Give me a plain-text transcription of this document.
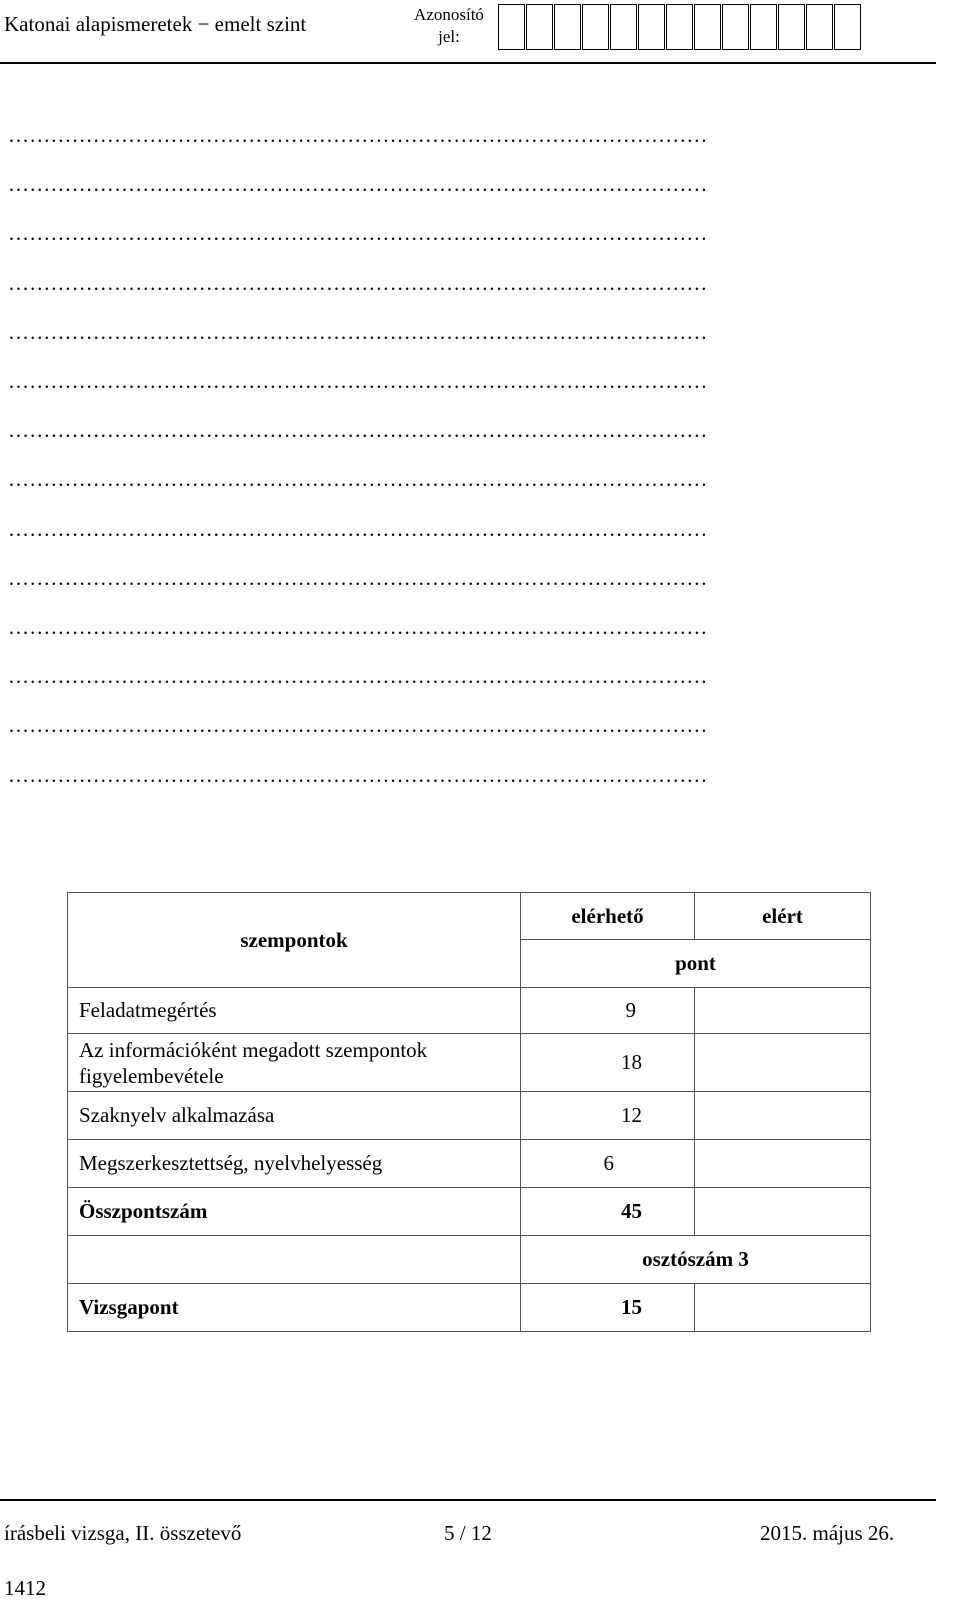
Katonai alapismeretek − emelt szint	Azonosító
jel:
………………………………………………………………………………………
………………………………………………………………………………………
………………………………………………………………………………………
………………………………………………………………………………………
………………………………………………………………………………………
………………………………………………………………………………………
………………………………………………………………………………………
………………………………………………………………………………………
………………………………………………………………………………………
………………………………………………………………………………………
………………………………………………………………………………………
………………………………………………………………………………………
………………………………………………………………………………………
………………………………………………………………………………………
szempontok	elérhető	elért
	pont	
Feladatmegértés	9	

Az információként megadott szempontok
figyelembevétele	18	
Szaknyelv alkalmazása	12	
Megszerkesztettség, nyelvhelyesség	6	
Összpontszám	45	
	osztószám 3	
Vizsgapont	15	
írásbeli vizsga, II. összetevő	5 / 12	2015. május 26.
1412
